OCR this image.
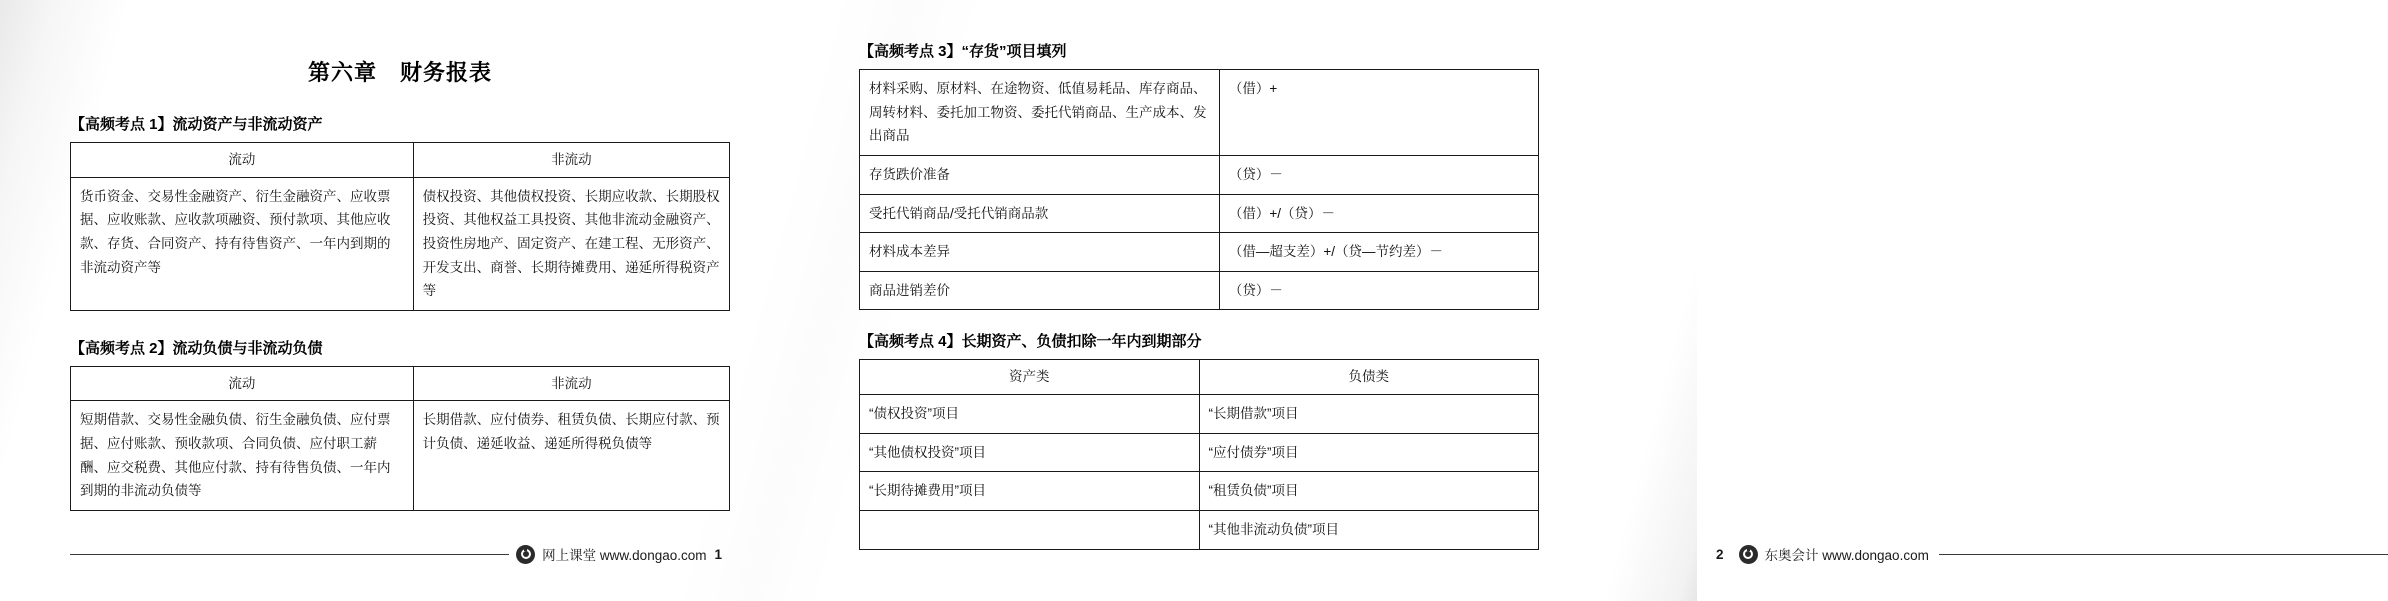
第六章　财务报表
【高频考点 1】流动资产与非流动资产
流动	非流动
货币资金、交易性金融资产、衍生金融资产、应收票据、应收账款、应收款项融资、预付款项、其他应收款、存货、合同资产、持有待售资产、一年内到期的非流动资产等	债权投资、其他债权投资、长期应收款、长期股权投资、其他权益工具投资、其他非流动金融资产、投资性房地产、固定资产、在建工程、无形资产、开发支出、商誉、长期待摊费用、递延所得税资产等
【高频考点 2】流动负债与非流动负债
流动	非流动
短期借款、交易性金融负债、衍生金融负债、应付票据、应付账款、预收款项、合同负债、应付职工薪酬、应交税费、其他应付款、持有待售负债、一年内到期的非流动负债等	长期借款、应付债券、租赁负债、长期应付款、预计负债、递延收益、递延所得税负债等
网上课堂 www.dongao.com 1
【高频考点 3】“存货”项目填列
材料采购、原材料、在途物资、低值易耗品、库存商品、周转材料、委托加工物资、委托代销商品、生产成本、发出商品	（借）+
存货跌价准备	（贷）－
受托代销商品/受托代销商品款	（借）+/（贷）－
材料成本差异	（借—超支差）+/（贷—节约差）－
商品进销差价	（贷）－
【高频考点 4】长期资产、负债扣除一年内到期部分
资产类	负债类
“债权投资”项目	“长期借款”项目
“其他债权投资”项目	“应付债券”项目
“长期待摊费用”项目	“租赁负债”项目
	“其他非流动负债”项目
2	东奥会计 www.dongao.com
